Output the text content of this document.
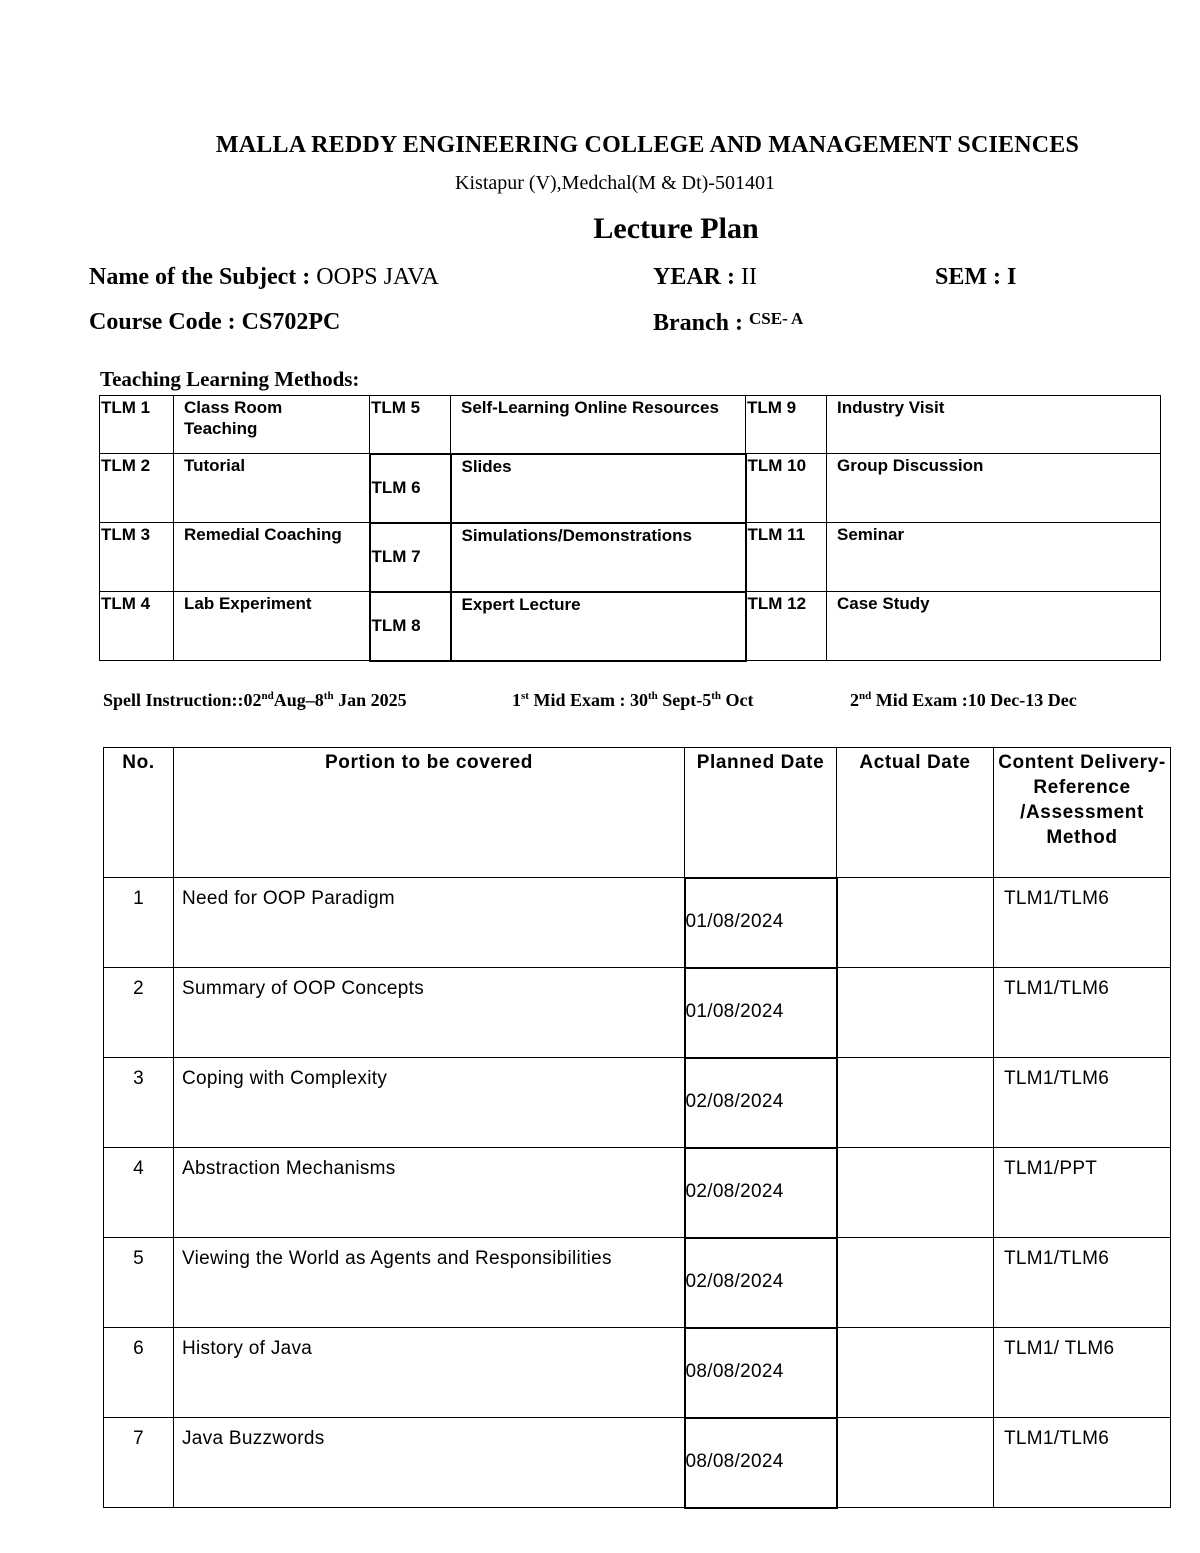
MALLA REDDY ENGINEERING COLLEGE AND MANAGEMENT SCIENCES
Kistapur (V),Medchal(M & Dt)-501401
Lecture Plan
Name of the Subject : OOPS JAVA	YEAR : II	SEM : I
Course Code : CS702PC	Branch : $^{CSE- A}$
Teaching Learning Methods:
TLM 1	Class Room Teaching	TLM 5	Self-Learning Online Resources	TLM 9	Industry Visit
TLM 2	Tutorial	TLM 6	Slides	TLM 10	Group Discussion
TLM 3	Remedial Coaching	TLM 7	Simulations/Demonstrations	TLM 11	Seminar
TLM 4	Lab Experiment	TLM 8	Expert Lecture	TLM 12	Case Study
Spell Instruction::02ndAug–8th Jan 2025	1st Mid Exam : 30th Sept-5th Oct	2nd Mid Exam :10 Dec-13 Dec
No.	Portion to be covered	Planned Date	Actual Date	Content Delivery-Reference /Assessment Method
1	Need for OOP Paradigm	01/08/2024		TLM1/TLM6
2	Summary of OOP Concepts	01/08/2024		TLM1/TLM6
3	Coping with Complexity	02/08/2024		TLM1/TLM6
4	Abstraction Mechanisms	02/08/2024		TLM1/PPT
5	Viewing the World as Agents and Responsibilities	02/08/2024		TLM1/TLM6
6	History of Java	08/08/2024		TLM1/ TLM6
7	Java Buzzwords	08/08/2024		TLM1/TLM6
